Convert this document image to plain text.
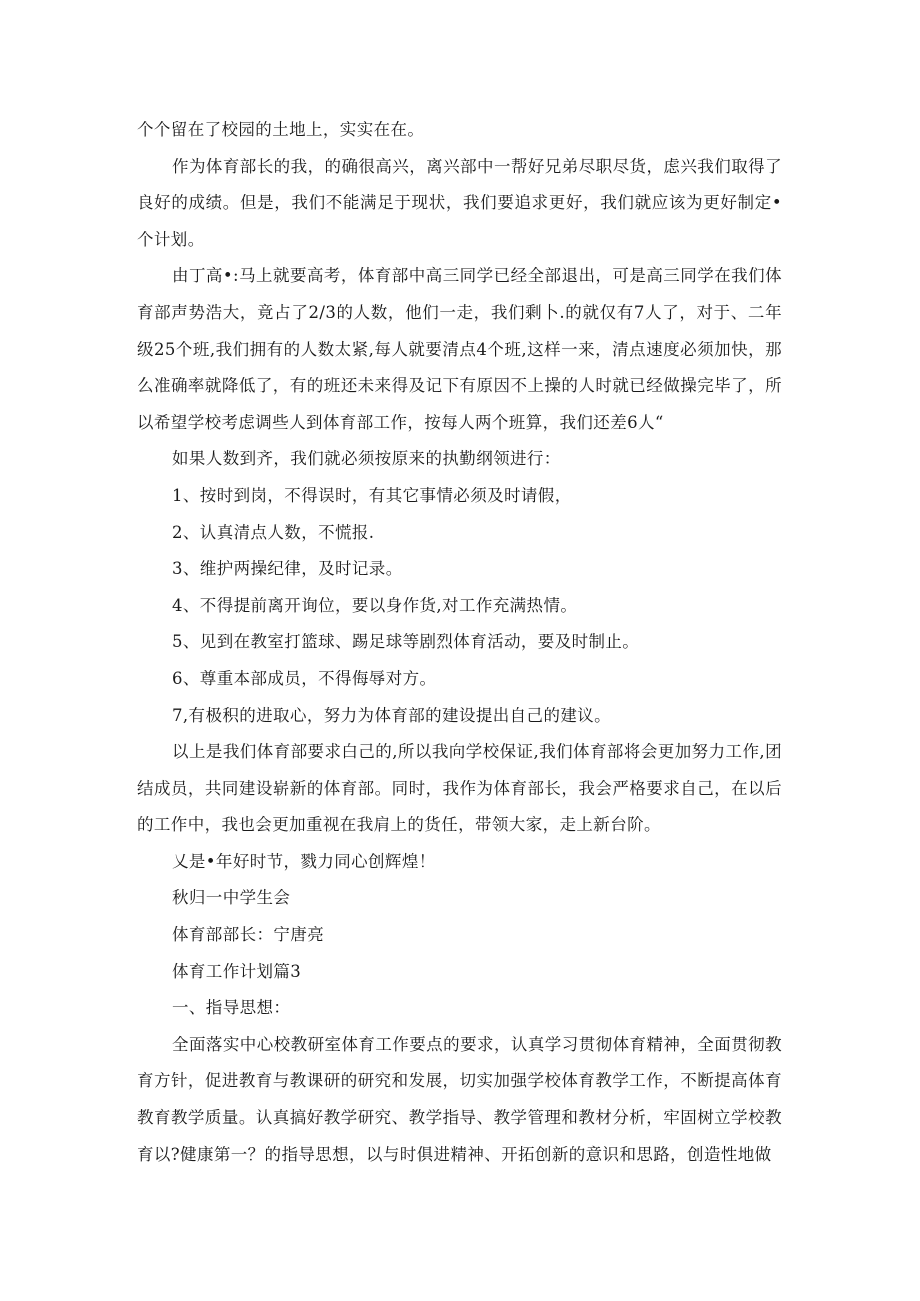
个个留在了校园的土地上，实实在在。

作为体育部长的我，的确很高兴，离兴部中一帮好兄弟尽职尽货，虑兴我们取得了良好的成绩。但是，我们不能满足于现状，我们要追求更好，我们就应该为更好制定•个计划。

由丁高•:马上就要高考，体育部中高三同学已经全部退出，可是高三同学在我们体育部声势浩大，竟占了2/3的人数，他们一走，我们剩卜.的就仅有7人了，对于、二年级25个班,我们拥有的人数太紧,每人就要清点4个班,这样一来，清点速度必须加快，那么准确率就降低了，有的班还未来得及记下有原因不上操的人时就已经做操完毕了，所以希望学校考虑调些人到体育部工作，按每人两个班算，我们还差6人“

如果人数到齐，我们就必须按原来的执勤纲领进行：

1、按时到岗，不得误时，有其它事情必须及时请假，

2、认真清点人数，不慌报.

3、维护两操纪律，及时记录。

4、不得提前离开询位，要以身作货,对工作充满热情。

5、见到在教室打篮球、踢足球等剧烈体育活动，要及时制止。

6、尊重本部成员，不得侮辱对方。

7,有极积的进取心，努力为体育部的建设提出自己的建议。

以上是我们体育部要求白己的,所以我向学校保证,我们体育部将会更加努力工作,团结成员，共同建设崭新的体育部。同时，我作为体育部长，我会严格要求自己，在以后的工作中，我也会更加重视在我肩上的货任，带领大家，走上新台阶。

乂是•年好时节，戮力同心创辉煌！

秋归一中学生会

体育部部长：宁唐亮

体育工作计划篇3

一、指导思想：

全面落实中心校教研室体育工作要点的要求，认真学习贯彻体育精神，全面贯彻教育方针，促进教育与教课研的研究和发展，切实加强学校体育教学工作，不断提高体育教育教学质量。认真搞好教学研究、教学指导、教学管理和教材分析，牢固树立学校教育以?健康第一？的指导思想，以与时俱进精神、开拓创新的意识和思路，创造性地做
